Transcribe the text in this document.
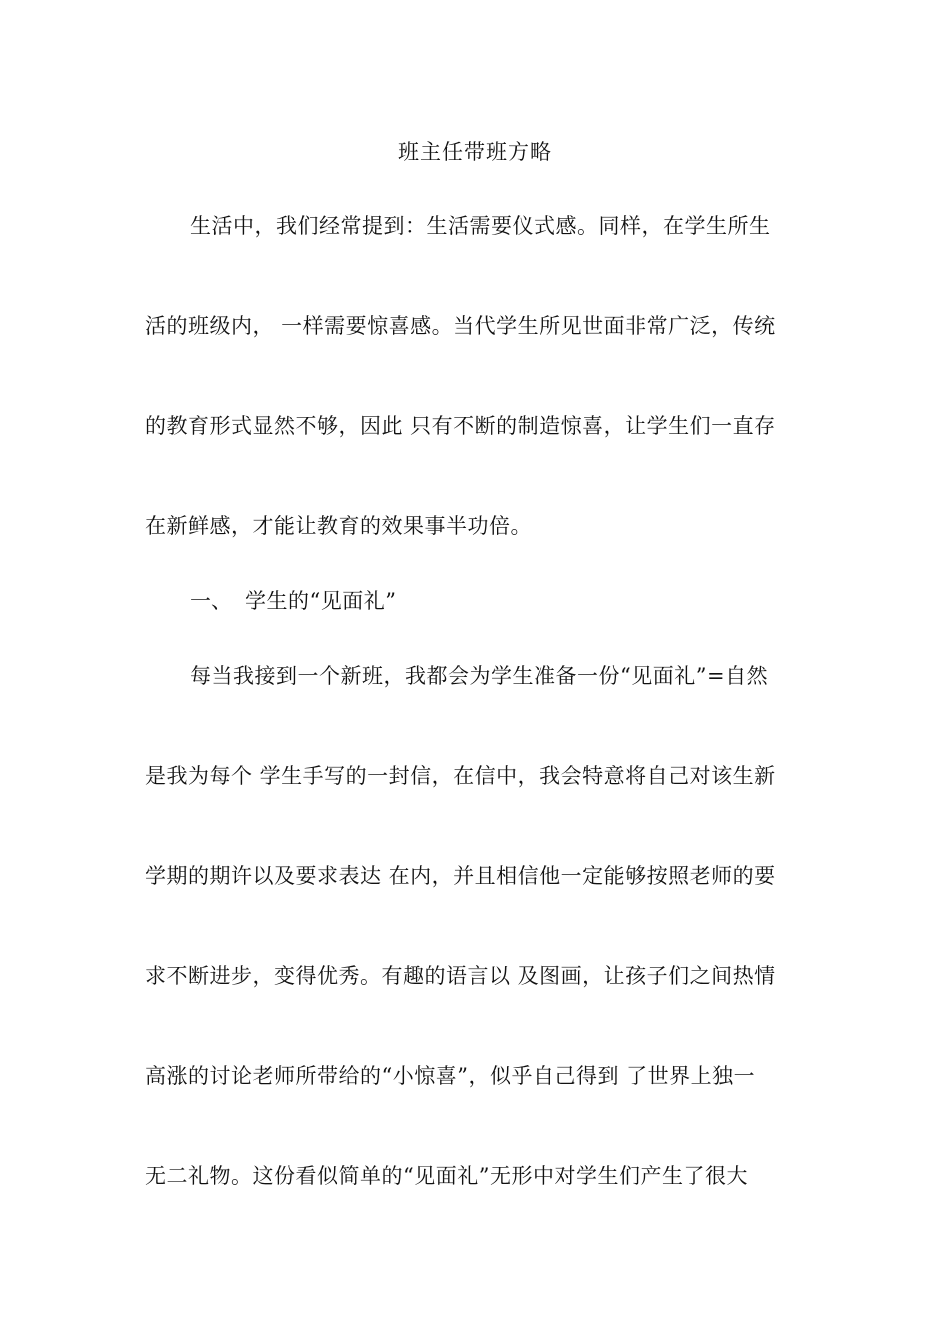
班主任带班方略
生活中，我们经常提到：生活需要仪式感。同样，在学生所生
活的班级内， 一样需要惊喜感。当代学生所见世面非常广泛，传统
的教育形式显然不够，因此 只有不断的制造惊喜，让学生们一直存
在新鲜感，才能让教育的效果事半功倍。
一、 学生的“见面礼”
每当我接到一个新班，我都会为学生准备一份“见面礼”=自然
是我为每个 学生手写的一封信，在信中，我会特意将自己对该生新
学期的期许以及要求表达 在内，并且相信他一定能够按照老师的要
求不断进步，变得优秀。有趣的语言以 及图画，让孩子们之间热情
高涨的讨论老师所带给的“小惊喜”，似乎自己得到 了世界上独一
无二礼物。这份看似简单的“见面礼”无形中对学生们产生了很大
